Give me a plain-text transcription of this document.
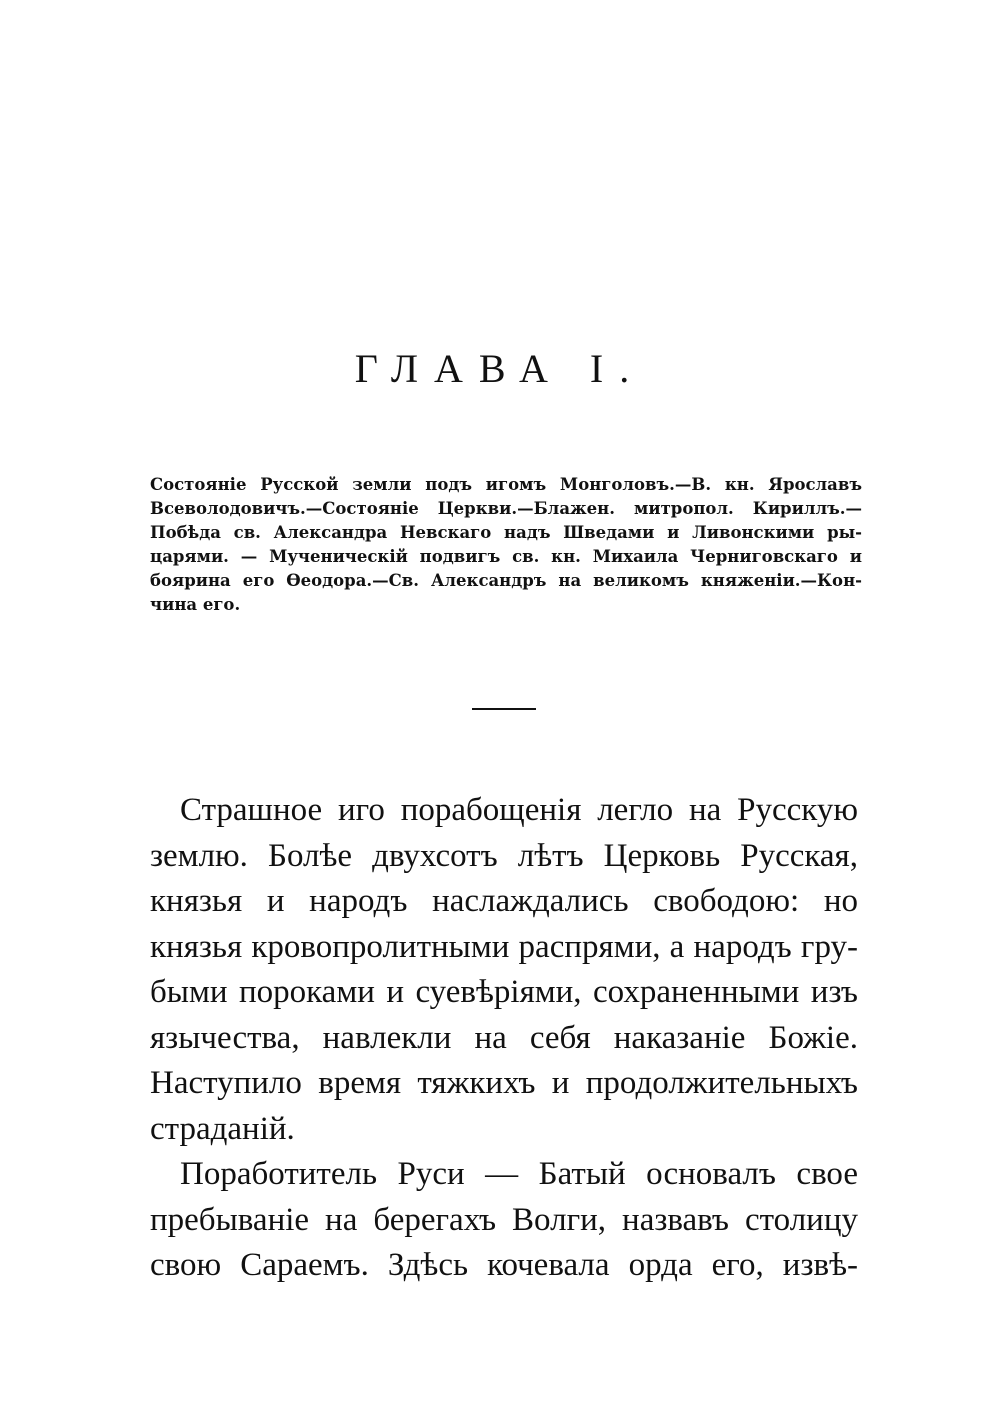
ГЛАВА I.
Состоянiе Русской земли подъ игомъ Монголовъ.—В. кн. Ярославъ
Всеволодовичъ.—Состоянiе Церкви.—Блажен. митропол. Кириллъ.—
Побѣда св. Александра Невскаго надъ Шведами и Ливонскими ры-
царями. — Мученическiй подвигъ св. кн. Михаила Черниговскаго и
боярина его Өеодора.—Св. Александръ на великомъ княженiи.—Кон-
чина его.
Страшное иго порабощенiя легло на Русскую
землю. Болѣе двухсотъ лѣтъ Церковь Русская,
князья и народъ наслаждались свободою: но
князья кровопролитными распрями, а народъ гру-
быми пороками и суевѣрiями, сохраненными изъ
язычества, навлекли на себя наказанiе Божiе.
Наступило время тяжкихъ и продолжительныхъ
страданiй.
Поработитель Руси — Батый основалъ свое
пребыванiе на берегахъ Волги, назвавъ столицу
свою Сараемъ. Здѣсь кочевала орда его, извѣ-
